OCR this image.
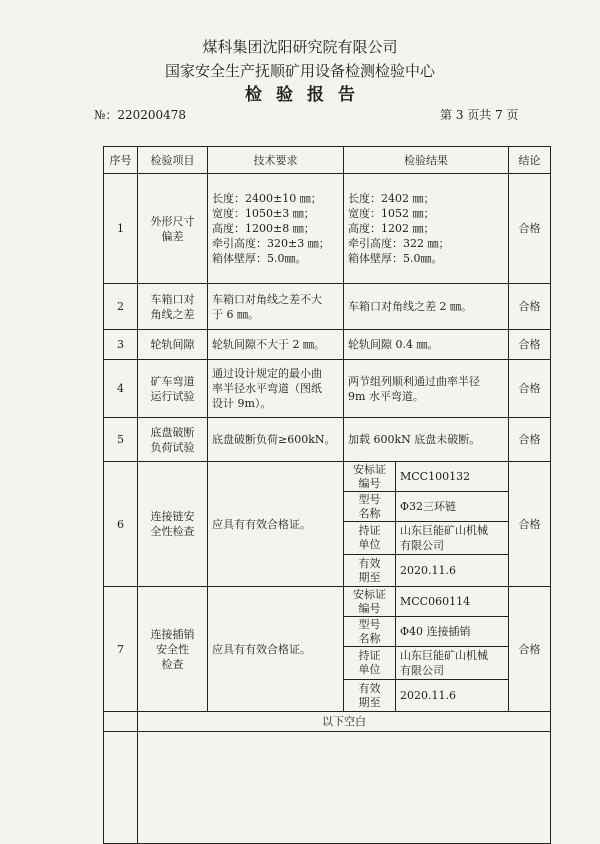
煤科集团沈阳研究院有限公司
国家安全生产抚顺矿用设备检测检验中心
检验报告
№：220200478	第 3 页共 7 页
序号	检验项目	技术要求	检验结果		结论
1	外形尺寸
偏差	长度：2400±10 ㎜；
宽度：1050±3 ㎜；
高度：1200±8 ㎜；
牵引高度：320±3 ㎜；
箱体壁厚：5.0㎜。	长度：2402 ㎜；
宽度：1052 ㎜；
高度：1202 ㎜；
牵引高度：322 ㎜；
箱体壁厚：5.0㎜。		合格
2	车箱口对
角线之差	车箱口对角线之差不大
于 6 ㎜。	车箱口对角线之差 2 ㎜。		合格
3	轮轨间隙	轮轨间隙不大于 2 ㎜。	轮轨间隙 0.4 ㎜。		合格
4	矿车弯道
运行试验	通过设计规定的最小曲
率半径水平弯道（图纸
设计 9m）。	两节组列顺利通过曲率半径
9m 水平弯道。		合格
5	底盘破断
负荷试验	底盘破断负荷≥600kN。	加载 600kN 底盘未破断。		合格
6	连接链安
全性检查	应具有有效合格证。	安标证
编号	MCC100132	合格
			型号
名称	Φ32三环链	
			持证
单位	山东巨能矿山机械
有限公司	
			有效
期至	2020.11.6	
7	连接插销
安全性
检查	应具有有效合格证。	安标证
编号	MCC060114	合格
			型号
名称	Φ40 连接插销	
			持证
单位	山东巨能矿山机械
有限公司	
			有效
期至	2020.11.6	
	以下空白				
